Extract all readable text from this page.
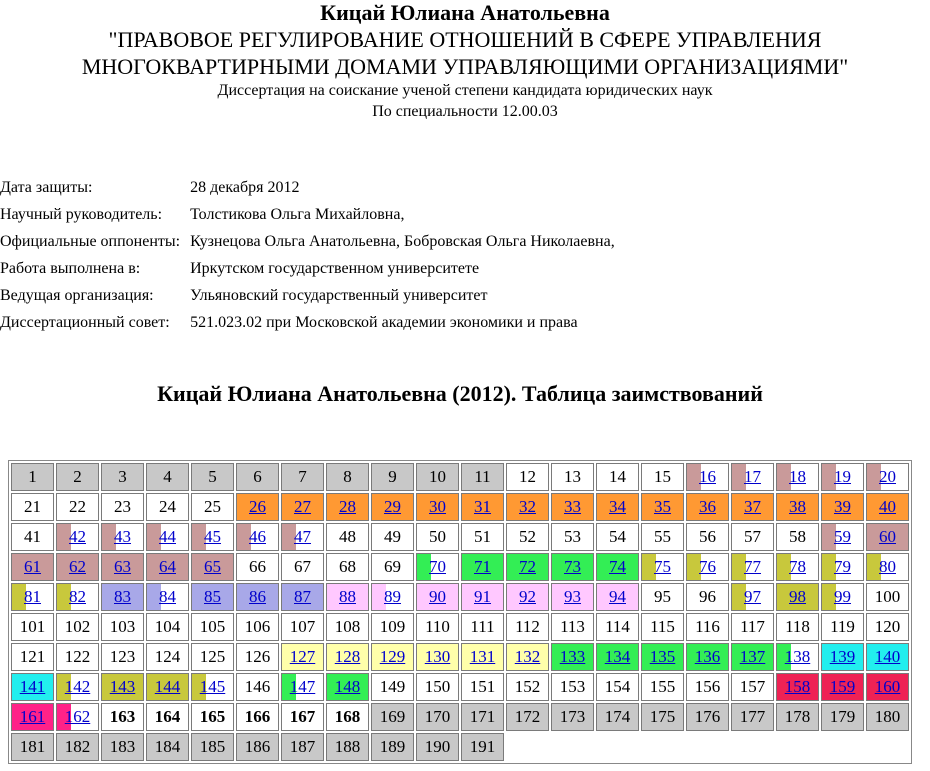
Кицай Юлиана Анатольевна
"ПРАВОВОЕ РЕГУЛИРОВАНИЕ ОТНОШЕНИЙ В СФЕРЕ УПРАВЛЕНИЯ
МНОГОКВАРТИРНЫМИ ДОМАМИ УПРАВЛЯЮЩИМИ ОРГАНИЗАЦИЯМИ"
Диссертация на соискание ученой степени кандидата юридических наук
По специальности 12.00.03
Дата защиты:	28 декабря 2012
Научный руководитель:	Толстикова Ольга Михайловна,
Официальные оппоненты:	Кузнецова Ольга Анатольевна, Бобровская Ольга Николаевна,
Работа выполнена в:	Иркутском государственном университете
Ведущая организация:	Ульяновский государственный университет
Диссертационный совет:	521.023.02 при Московской академии экономики и права
Кицай Юлиана Анатольевна (2012). Таблица заимствований
1 2 3 4 5 6 7 8 9 10 11 12 13 14 15 16 17 18 19 20
21 22 23 24 25 26 27 28 29 30 31 32 33 34 35 36 37 38 39 40
41 42 43 44 45 46 47 48 49 50 51 52 53 54 55 56 57 58 59 60
61 62 63 64 65 66 67 68 69 70 71 72 73 74 75 76 77 78 79 80
81 82 83 84 85 86 87 88 89 90 91 92 93 94 95 96 97 98 99 100
101 102 103 104 105 106 107 108 109 110 111 112 113 114 115 116 117 118 119 120
121 122 123 124 125 126 127 128 129 130 131 132 133 134 135 136 137 138 139 140
141 142 143 144 145 146 147 148 149 150 151 152 153 154 155 156 157 158 159 160
161 162 163 164 165 166 167 168 169 170 171 172 173 174 175 176 177 178 179 180
181 182 183 184 185 186 187 188 189 190 191
